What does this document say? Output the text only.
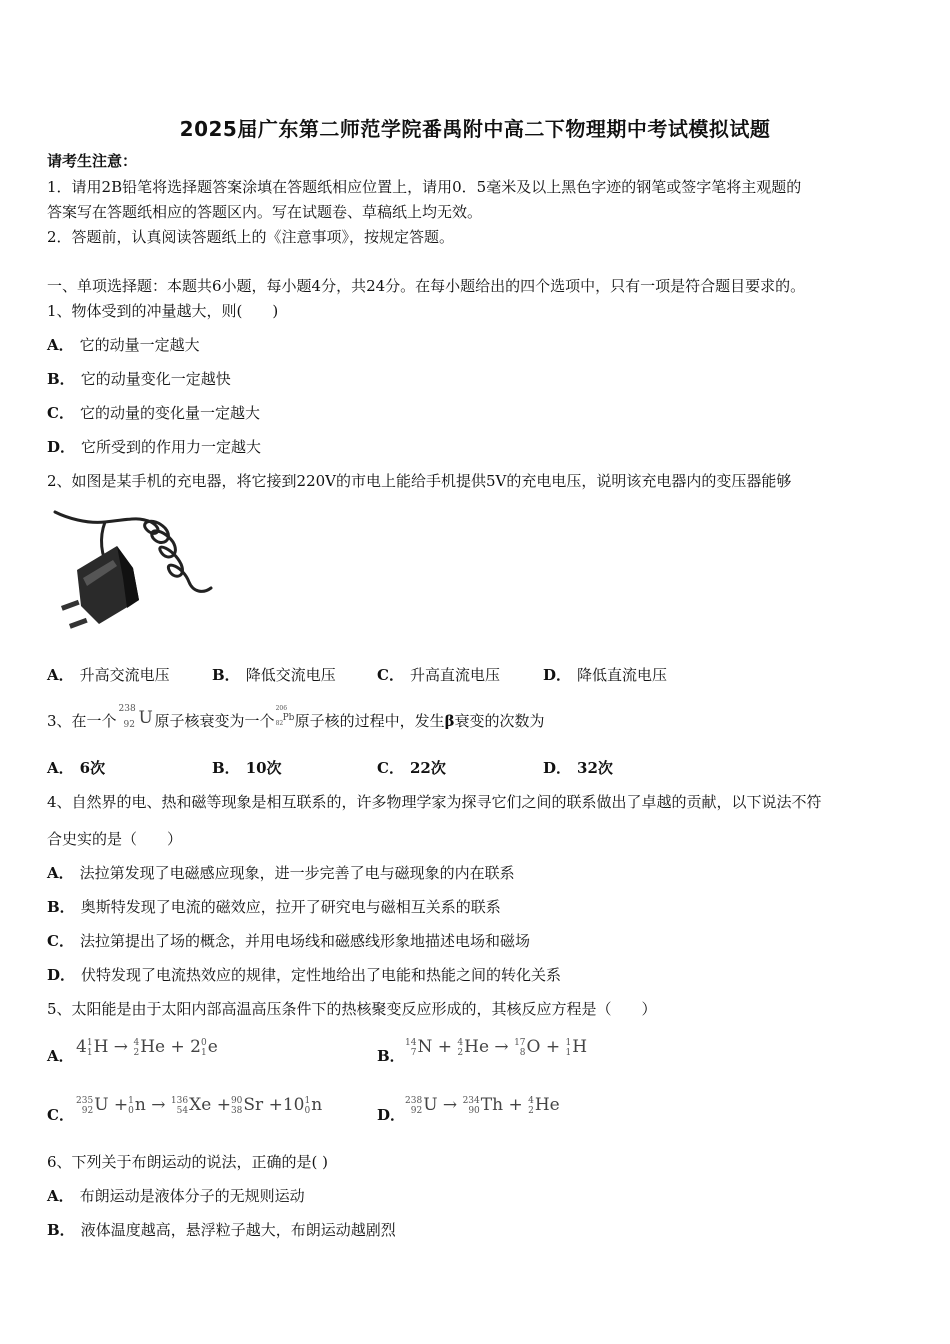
2025届广东第二师范学院番禺附中高二下物理期中考试模拟试题
请考生注意：
1．请用2B铅笔将选择题答案涂填在答题纸相应位置上，请用0．5毫米及以上黑色字迹的钢笔或签字笔将主观题的
答案写在答题纸相应的答题区内。写在试题卷、草稿纸上均无效。
2．答题前，认真阅读答题纸上的《注意事项》，按规定答题。
一、单项选择题：本题共6小题，每小题4分，共24分。在每小题给出的四个选项中，只有一项是符合题目要求的。
1、物体受到的冲量越大，则(　　)
A． 它的动量一定越大
B． 它的动量变化一定越快
C． 它的动量的变化量一定越大
D． 它所受到的作用力一定越大
2、如图是某手机的充电器，将它接到220V的市电上能给手机提供5V的充电电压，说明该充电器内的变压器能够
A． 升高交流电压	B． 降低交流电压	C． 升高直流电压	D． 降低直流电压
3、在一个
238
92 U 原子核衰变为一个
206
82
Pb 原子核的过程中，发生β衰变的次数为
A． 6次	B． 10次	C． 22次	D． 32次
4、自然界的电、热和磁等现象是相互联系的，许多物理学家为探寻它们之间的联系做出了卓越的贡献，以下说法不符
合史实的是（　　）
A． 法拉第发现了电磁感应现象，进一步完善了电与磁现象的内在联系
B． 奥斯特发现了电流的磁效应，拉开了研究电与磁相互关系的联系
C． 法拉第提出了场的概念，并用电场线和磁感线形象地描述电场和磁场
D． 伏特发现了电流热效应的规律，定性地给出了电能和热能之间的转化关系
5、太阳能是由于太阳内部高温高压条件下的热核聚变反应形成的，其核反应方程是（　　）
A． 4 1
1 H → 4
2 He + 2 0
1 e	B．
14
7 N + 4
2 He → 17
8 O + 1
1 H
C．
235
92 U + 1
0 n → 136
54 Xe + 90
38 Sr +10 1
0 n	D．
238
92 U → 234
90 Th + 4
2 He
6、下列关于布朗运动的说法，正确的是( )
A． 布朗运动是液体分子的无规则运动
B． 液体温度越高，悬浮粒子越大，布朗运动越剧烈
